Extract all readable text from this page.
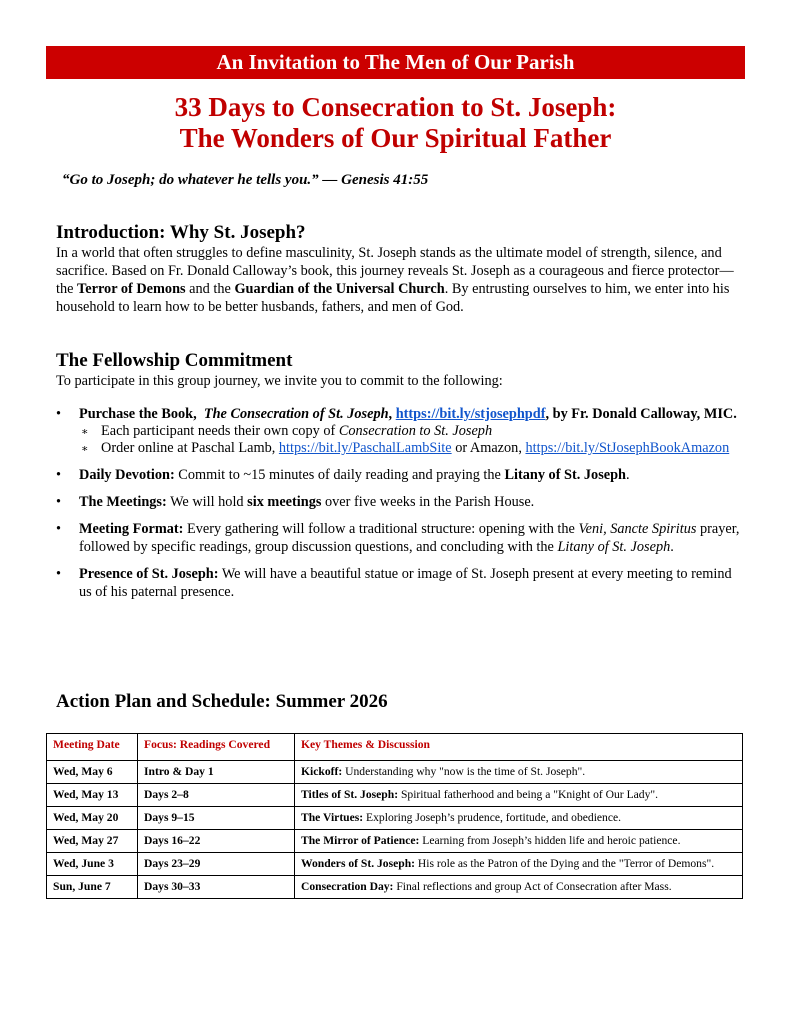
An Invitation to The Men of Our Parish
33 Days to Consecration to St. Joseph:
The Wonders of Our Spiritual Father
“Go to Joseph; do whatever he tells you.” — Genesis 41:55
Introduction: Why St. Joseph?

In a world that often struggles to define masculinity, St. Joseph stands as the ultimate model of strength, silence, and sacrifice. Based on Fr. Donald Calloway’s book, this journey reveals St. Joseph as a courageous and fierce protector—the Terror of Demons and the Guardian of the Universal Church. By entrusting ourselves to him, we enter into his household to learn how to be better husbands, fathers, and men of God.

The Fellowship Commitment

To participate in this group journey, we invite you to commit to the following:

• Purchase the Book, The Consecration of St. Joseph, https://bit.ly/stjosephpdf, by Fr. Donald Calloway, MIC.
∗ Each participant needs their own copy of Consecration to St. Joseph
∗ Order online at Paschal Lamb, https://bit.ly/PaschalLambSite or Amazon, https://bit.ly/StJosephBookAmazon
• Daily Devotion: Commit to ~15 minutes of daily reading and praying the Litany of St. Joseph.
• The Meetings: We will hold six meetings over five weeks in the Parish House.
• Meeting Format: Every gathering will follow a traditional structure: opening with the Veni, Sancte Spiritus prayer, followed by specific readings, group discussion questions, and concluding with the Litany of St. Joseph.
• Presence of St. Joseph: We will have a beautiful statue or image of St. Joseph present at every meeting to remind us of his paternal presence.
Action Plan and Schedule: Summer 2026
Meeting Date	Focus: Readings Covered	Key Themes & Discussion
Wed, May 6	Intro & Day 1	Kickoff: Understanding why "now is the time of St. Joseph".
Wed, May 13	Days 2–8	Titles of St. Joseph: Spiritual fatherhood and being a "Knight of Our Lady".
Wed, May 20	Days 9–15	The Virtues: Exploring Joseph’s prudence, fortitude, and obedience.
Wed, May 27	Days 16–22	The Mirror of Patience: Learning from Joseph’s hidden life and heroic patience.
Wed, June 3	Days 23–29	Wonders of St. Joseph: His role as the Patron of the Dying and the "Terror of Demons".
Sun, June 7	Days 30–33	Consecration Day: Final reflections and group Act of Consecration after Mass.
